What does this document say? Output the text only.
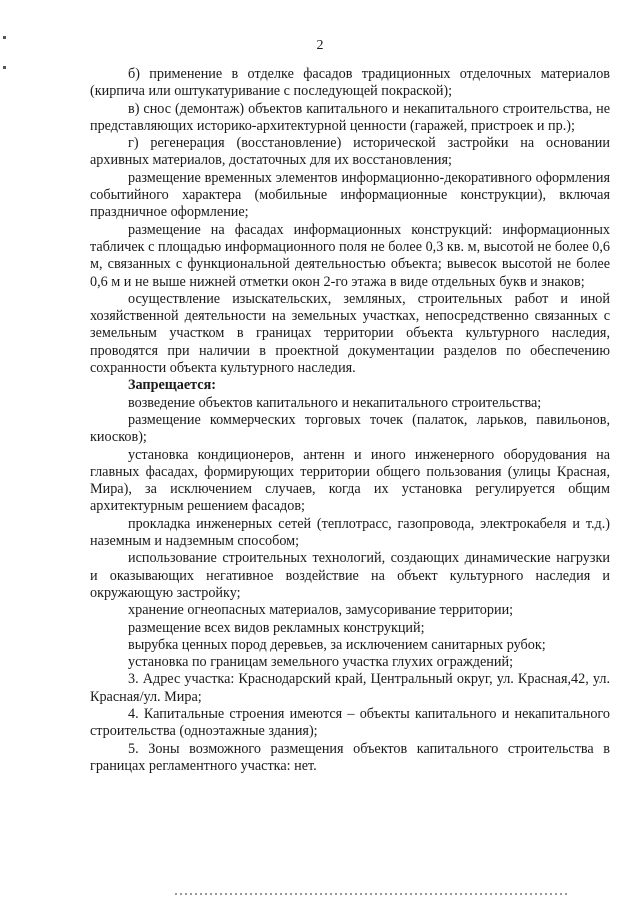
2

б) применение в отделке фасадов традиционных отделочных материалов (кирпича или оштукатуривание с последующей покраской);

в) снос (демонтаж) объектов капитального и некапитального строительства, не представляющих историко-архитектурной ценности (гаражей, пристроек и пр.);

г) регенерация (восстановление) исторической застройки на основании архивных материалов, достаточных для их восстановления;

размещение временных элементов информационно-декоративного оформления событийного характера (мобильные информационные конструкции), включая праздничное оформление;

размещение на фасадах информационных конструкций: информационных табличек с площадью информационного поля не более 0,3 кв. м, высотой не более 0,6 м, связанных с функциональной деятельностью объекта; вывесок высотой не более 0,6 м и не выше нижней отметки окон 2-го этажа в виде отдельных букв и знаков;

осуществление изыскательских, земляных, строительных работ и иной хозяйственной деятельности на земельных участках, непосредственно связанных с земельным участком в границах территории объекта культурного наследия, проводятся при наличии в проектной документации разделов по обеспечению сохранности объекта культурного наследия.

Запрещается:

возведение объектов капитального и некапитального строительства;

размещение коммерческих торговых точек (палаток, ларьков, павильонов, киосков);

установка кондиционеров, антенн и иного инженерного оборудования на главных фасадах, формирующих территории общего пользования (улицы Красная, Мира), за исключением случаев, когда их установка регулируется общим архитектурным решением фасадов;

прокладка инженерных сетей (теплотрасс, газопровода, электрокабеля и т.д.) наземным и надземным способом;

использование строительных технологий, создающих динамические нагрузки и оказывающих негативное воздействие на объект культурного наследия и окружающую застройку;

хранение огнеопасных материалов, замусоривание территории;

размещение всех видов рекламных конструкций;

вырубка ценных пород деревьев, за исключением санитарных рубок;

установка по границам земельного участка глухих ограждений;

3. Адрес участка: Краснодарский край, Центральный округ, ул. Красная,42, ул. Красная/ул. Мира;

4. Капитальные строения имеются – объекты капитального и некапитального строительства (одноэтажные здания);

5. Зоны возможного размещения объектов капитального строительства в границах регламентного участка: нет.
